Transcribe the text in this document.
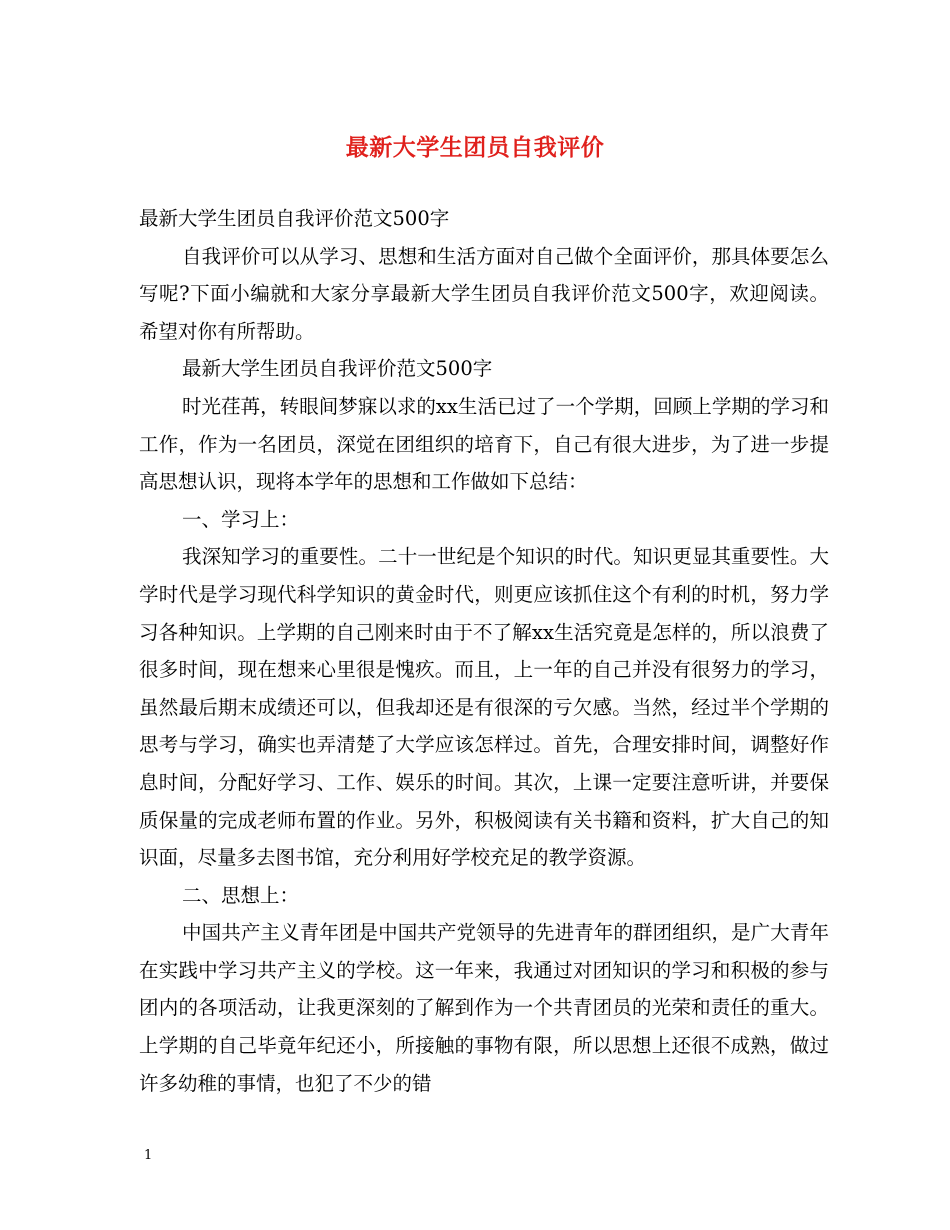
最新大学生团员自我评价

最新大学生团员自我评价范文500字

自我评价可以从学习、思想和生活方面对自己做个全面评价，那具体要怎么写呢?下面小编就和大家分享最新大学生团员自我评价范文500字，欢迎阅读。希望对你有所帮助。

最新大学生团员自我评价范文500字

时光荏苒，转眼间梦寐以求的xx生活已过了一个学期，回顾上学期的学习和工作，作为一名团员，深觉在团组织的培育下，自己有很大进步，为了进一步提高思想认识，现将本学年的思想和工作做如下总结：

一、学习上：

我深知学习的重要性。二十一世纪是个知识的时代。知识更显其重要性。大学时代是学习现代科学知识的黄金时代，则更应该抓住这个有利的时机，努力学习各种知识。上学期的自己刚来时由于不了解xx生活究竟是怎样的，所以浪费了很多时间，现在想来心里很是愧疚。而且，上一年的自己并没有很努力的学习，虽然最后期末成绩还可以，但我却还是有很深的亏欠感。当然，经过半个学期的思考与学习，确实也弄清楚了大学应该怎样过。首先，合理安排时间，调整好作息时间，分配好学习、工作、娱乐的时间。其次，上课一定要注意听讲，并要保质保量的完成老师布置的作业。另外，积极阅读有关书籍和资料，扩大自己的知识面，尽量多去图书馆，充分利用好学校充足的教学资源。

二、思想上：

中国共产主义青年团是中国共产党领导的先进青年的群团组织，是广大青年在实践中学习共产主义的学校。这一年来，我通过对团知识的学习和积极的参与团内的各项活动，让我更深刻的了解到作为一个共青团员的光荣和责任的重大。上学期的自己毕竟年纪还小，所接触的事物有限，所以思想上还很不成熟，做过许多幼稚的事情，也犯了不少的错

1
